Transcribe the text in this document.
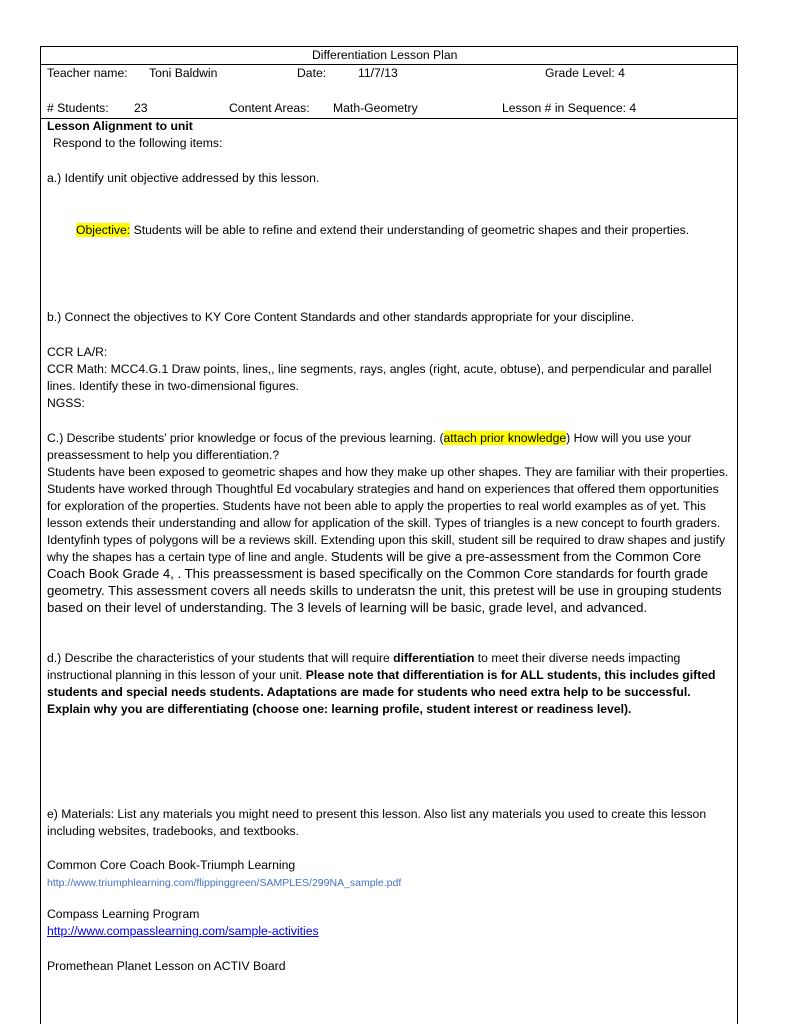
Differentiation Lesson Plan
Teacher name: Toni Baldwin	Date:	11/7/13	Grade Level: 4
# Students: 23	Content Areas: Math-Geometry	Lesson # in Sequence: 4
Lesson Alignment to unit
Respond to the following items:
a.) Identify unit objective addressed by this lesson.
Objective: Students will be able to refine and extend their understanding of geometric shapes and their properties.
b.) Connect the objectives to KY Core Content Standards and other standards appropriate for your discipline.
CCR LA/R:
CCR Math: MCC4.G.1 Draw points, lines,, line segments, rays, angles (right, acute, obtuse), and perpendicular and parallel lines. Identify these in two-dimensional figures.
NGSS:
C.) Describe students’ prior knowledge or focus of the previous learning. (attach prior knowledge) How will you use your preassessment to help you differentiation.?
Students have been exposed to geometric shapes and how they make up other shapes. They are familiar with their properties. Students have worked through Thoughtful Ed vocabulary strategies and hand on experiences that offered them opportunities for exploration of the properties. Students have not been able to apply the properties to real world examples as of yet. This lesson extends their understanding and allow for application of the skill. Types of triangles is a new concept to fourth graders. Identyfinh types of polygons will be a reviews skill. Extending upon this skill, student sill be required to draw shapes and justify why the shapes has a certain type of line and angle. Students will be give a pre-assessment from the Common Core Coach Book Grade 4, . This preassessment is based specifically on the Common Core standards for fourth grade geometry. This assessment covers all needs skills to underatsn the unit, this pretest will be use in grouping students based on their level of understanding. The 3 levels of learning will be basic, grade level, and advanced.
d.) Describe the characteristics of your students that will require differentiation to meet their diverse needs impacting instructional planning in this lesson of your unit. Please note that differentiation is for ALL students, this includes gifted students and special needs students. Adaptations are made for students who need extra help to be successful. Explain why you are differentiating (choose one: learning profile, student interest or readiness level).
e) Materials: List any materials you might need to present this lesson. Also list any materials you used to create this lesson including websites, tradebooks, and textbooks.
Common Core Coach Book-Triumph Learning
http://www.triumphlearning.com/flippinggreen/SAMPLES/299NA_sample.pdf
Compass Learning Program
http://www.compasslearning.com/sample-activities
Promethean Planet Lesson on ACTIV Board
